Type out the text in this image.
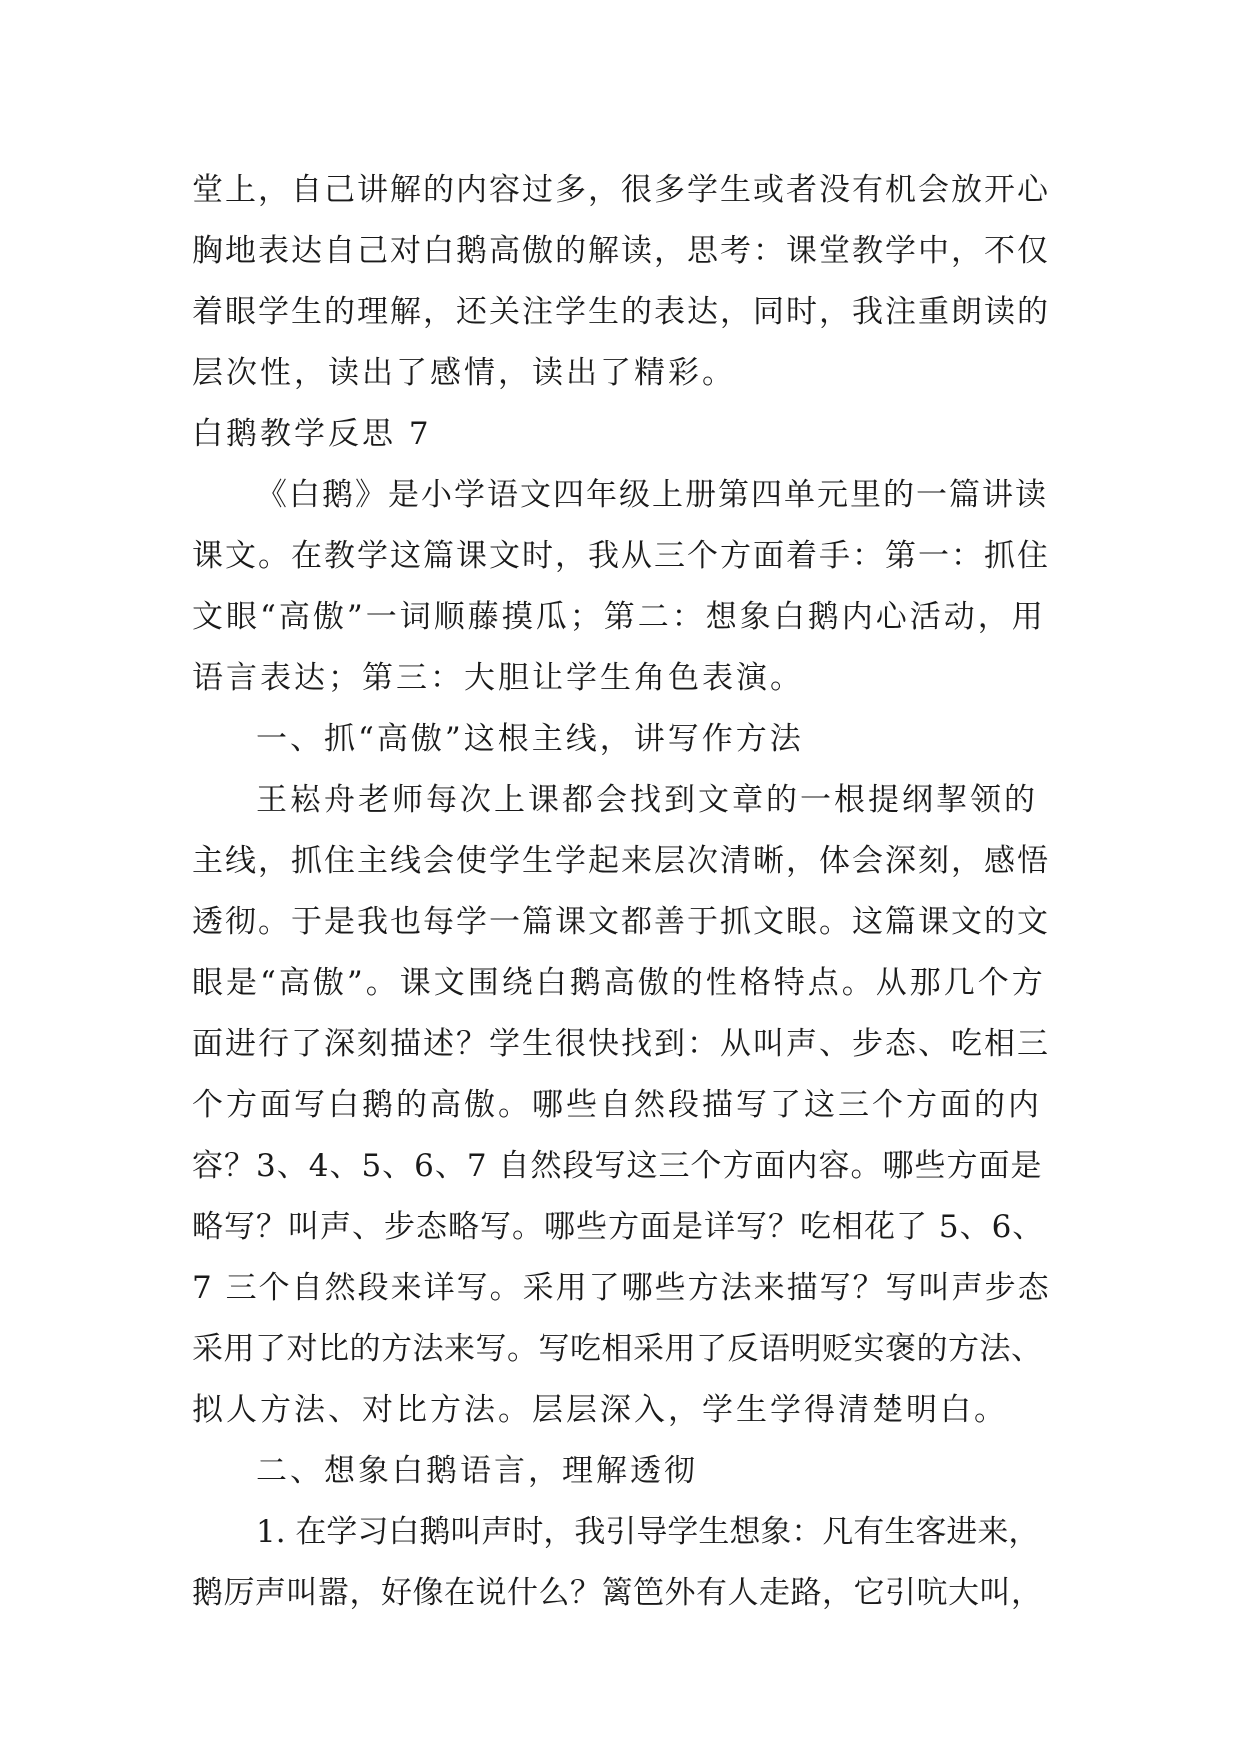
堂上，自己讲解的内容过多，很多学生或者没有机会放开心
胸地表达自己对白鹅高傲的解读，思考：课堂教学中，不仅
着眼学生的理解，还关注学生的表达，同时，我注重朗读的
层次性，读出了感情，读出了精彩。
白鹅教学反思 7
《白鹅》是小学语文四年级上册第四单元里的一篇讲读
课文。在教学这篇课文时，我从三个方面着手：第一：抓住
文眼“高傲”一词顺藤摸瓜；第二：想象白鹅内心活动，用
语言表达；第三：大胆让学生角色表演。
一、抓“高傲”这根主线，讲写作方法
王崧舟老师每次上课都会找到文章的一根提纲挈领的
主线，抓住主线会使学生学起来层次清晰，体会深刻，感悟
透彻。于是我也每学一篇课文都善于抓文眼。这篇课文的文
眼是“高傲”。课文围绕白鹅高傲的性格特点。从那几个方
面进行了深刻描述？学生很快找到：从叫声、步态、吃相三
个方面写白鹅的高傲。哪些自然段描写了这三个方面的内
容？3、4、5、6、7 自然段写这三个方面内容。哪些方面是
略写？叫声、步态略写。哪些方面是详写？吃相花了 5、6、
7 三个自然段来详写。采用了哪些方法来描写？写叫声步态
采用了对比的方法来写。写吃相采用了反语明贬实褒的方法、
拟人方法、对比方法。层层深入，学生学得清楚明白。
二、想象白鹅语言，理解透彻
1. 在学习白鹅叫声时，我引导学生想象：凡有生客进来，
鹅厉声叫嚣，好像在说什么？篱笆外有人走路，它引吭大叫，
